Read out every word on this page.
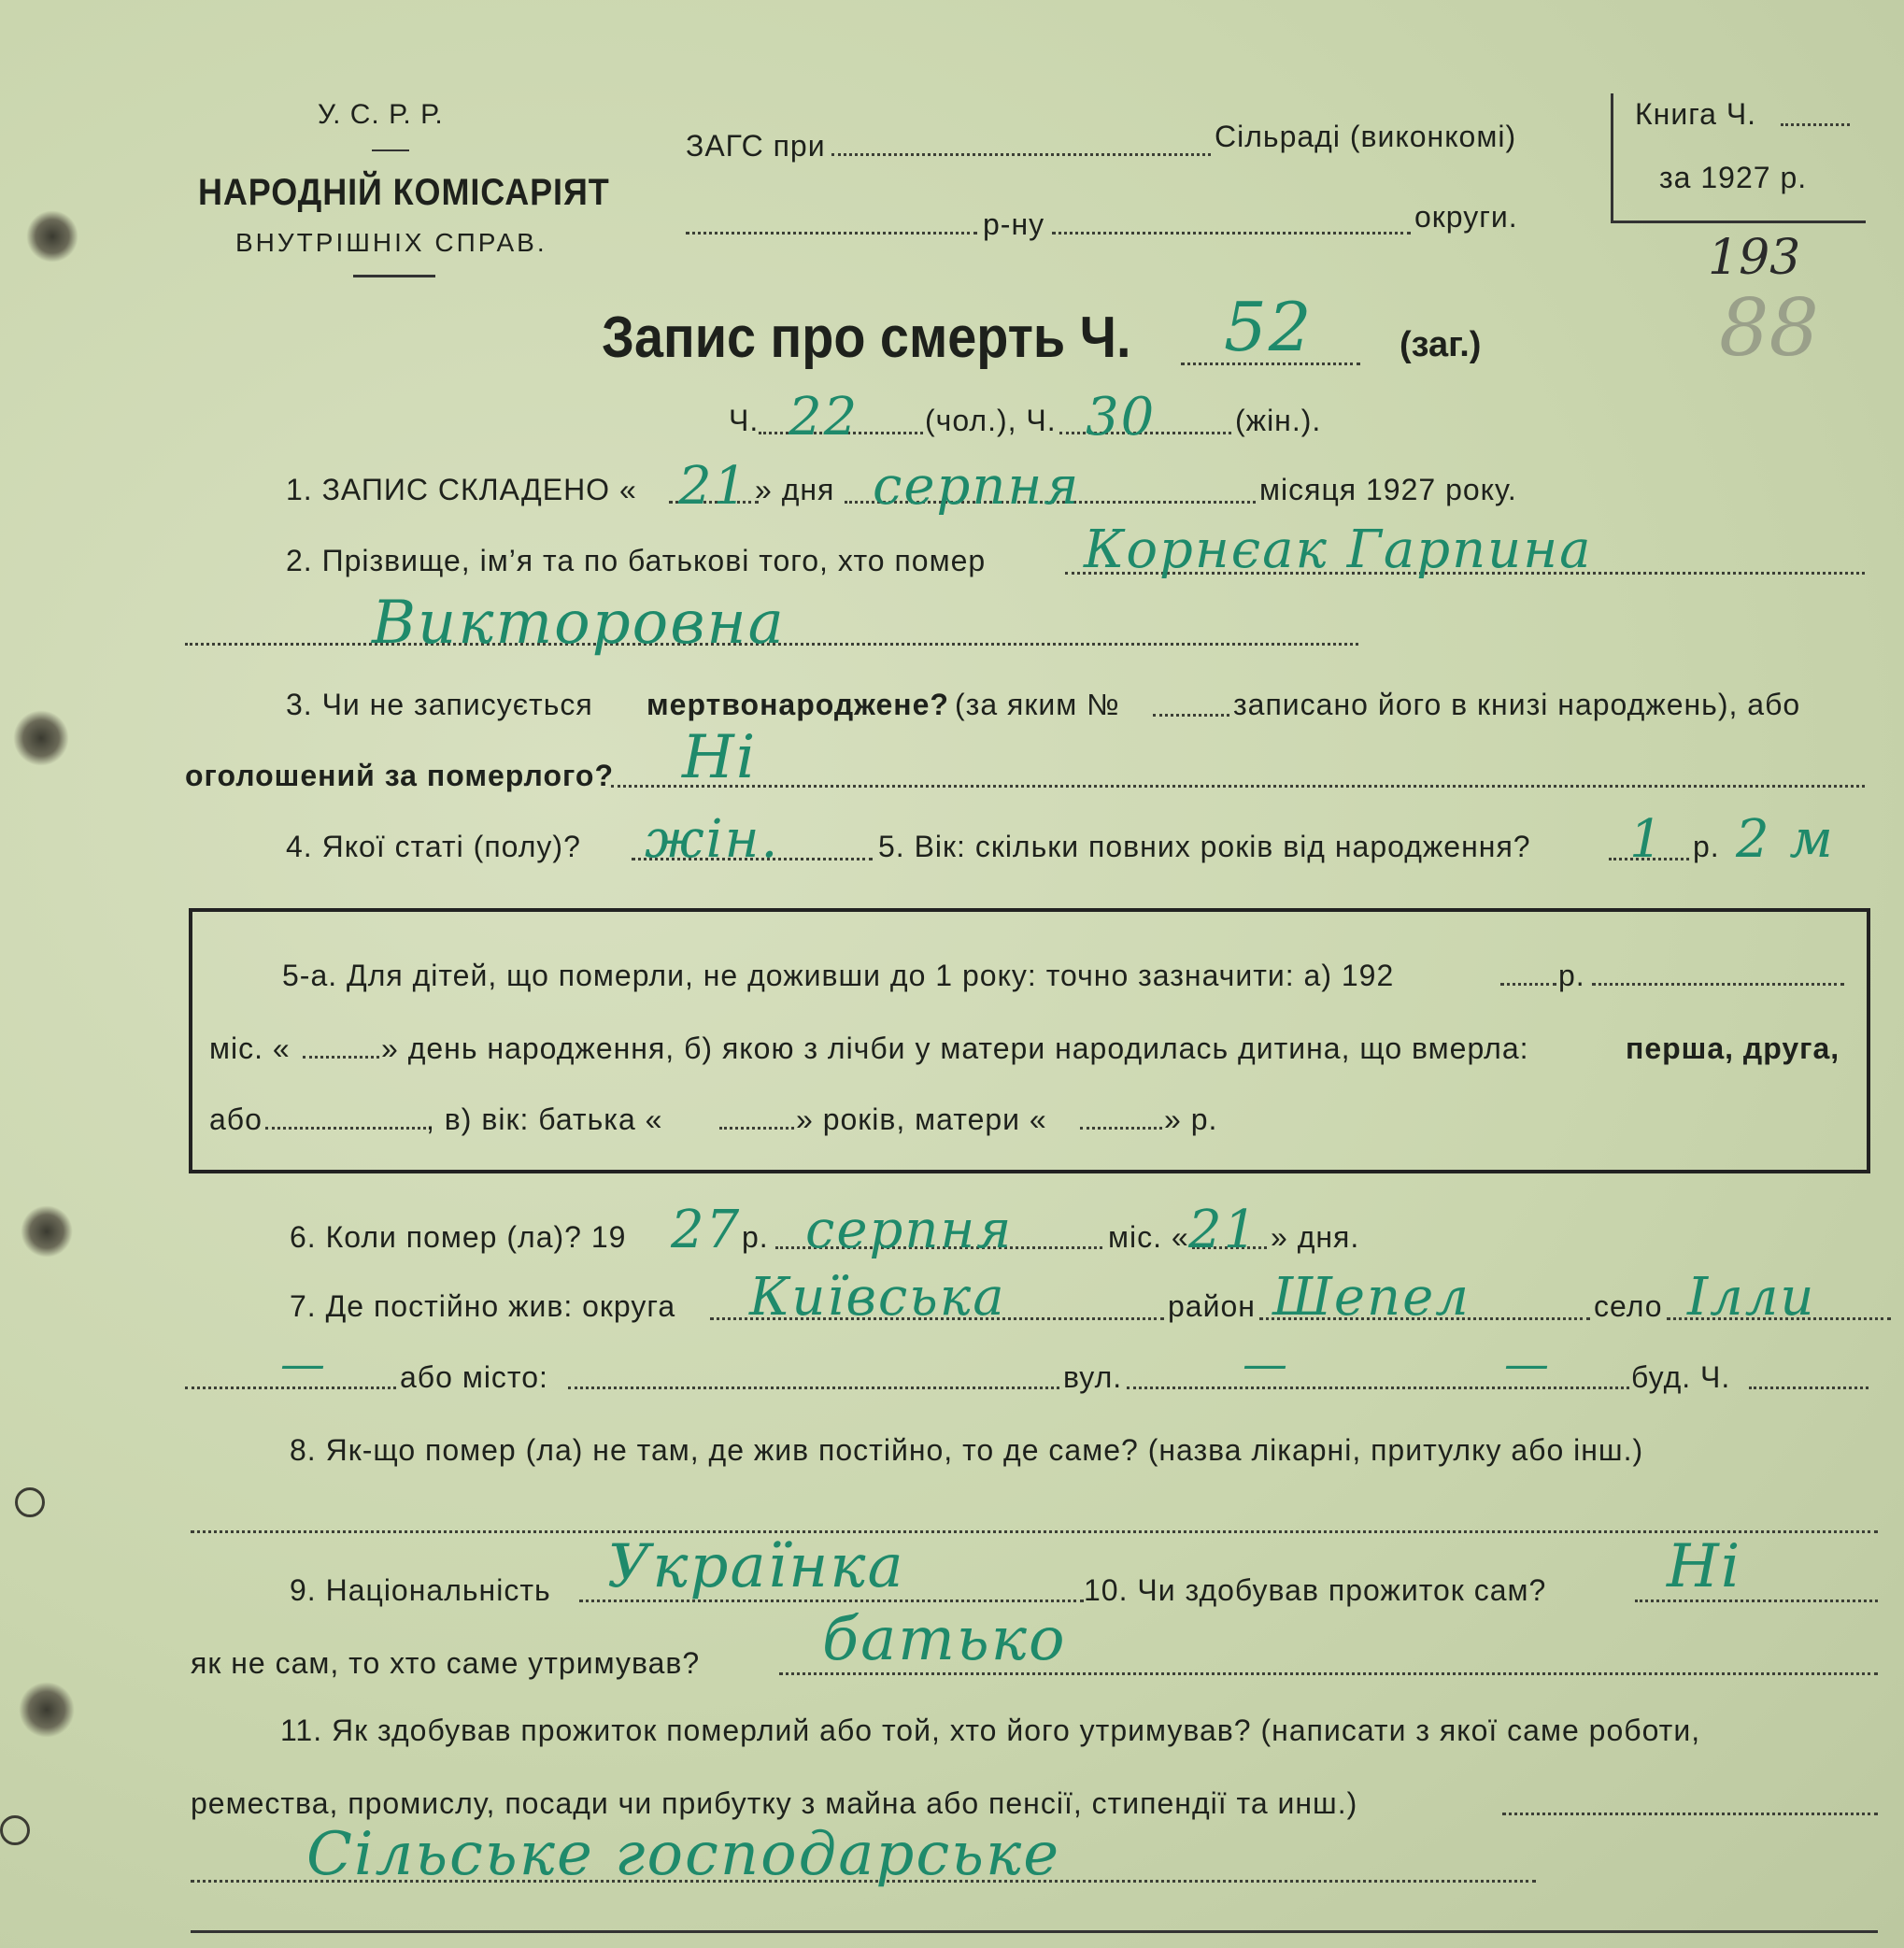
У. С. Р. Р.
НАРОДНІЙ КОМІСАРІЯТ
ВНУТРІШНІХ СПРАВ.
ЗАГС при	Сільраді (виконкомі)
р-ну	округи.
Книга Ч.
за 1927 р.
193
88
Запис про смерть Ч. 52 (заг.)
Ч. 22 (чол.), Ч. 30	(жін.).
1. ЗАПИС СКЛАДЕНО « 21 » дня серпня	місяця 1927 року.
2. Прізвище, ім’я та по батькові того, хто помер Корнєак Гарпина
Викторовна
3. Чи не записується мертвонароджене? (за яким №	записано його в книзі народжень), або
оголошений за померлого? Ні
4. Якої статі (полу)? жін.	5. Вік: скільки повних років від народження? 1 р. 2 м
5-а. Для дітей, що померли, не доживши до 1 року: точно зазначити: а) 192	р.
міс. «	» день народження, б) якою з лічби у матери народилась дитина, що вмерла:	перша, друга,
або	, в) вік: батька «	» років, матери «	» р.
6. Коли помер (ла)? 19 27 р. серпня	міс. « 21 » дня.
7. Де постійно жив: округа Київська	район Шепел	село Ілли
— або місто:	вул.	—	—	буд. Ч.
8. Як-що помер (ла) не там, де жив постійно, то де саме? (назва лікарні, притулку або інш.)
9. Національність Українка	10. Чи здобував прожиток сам? Ні
як не сам, то хто саме утримував? батько
11. Як здобував прожиток померлий або той, хто його утримував? (написати з якої саме роботи,
ремества, промислу, посади чи прибутку з майна або пенсії, стипендії та инш.)
Сільське господарське
